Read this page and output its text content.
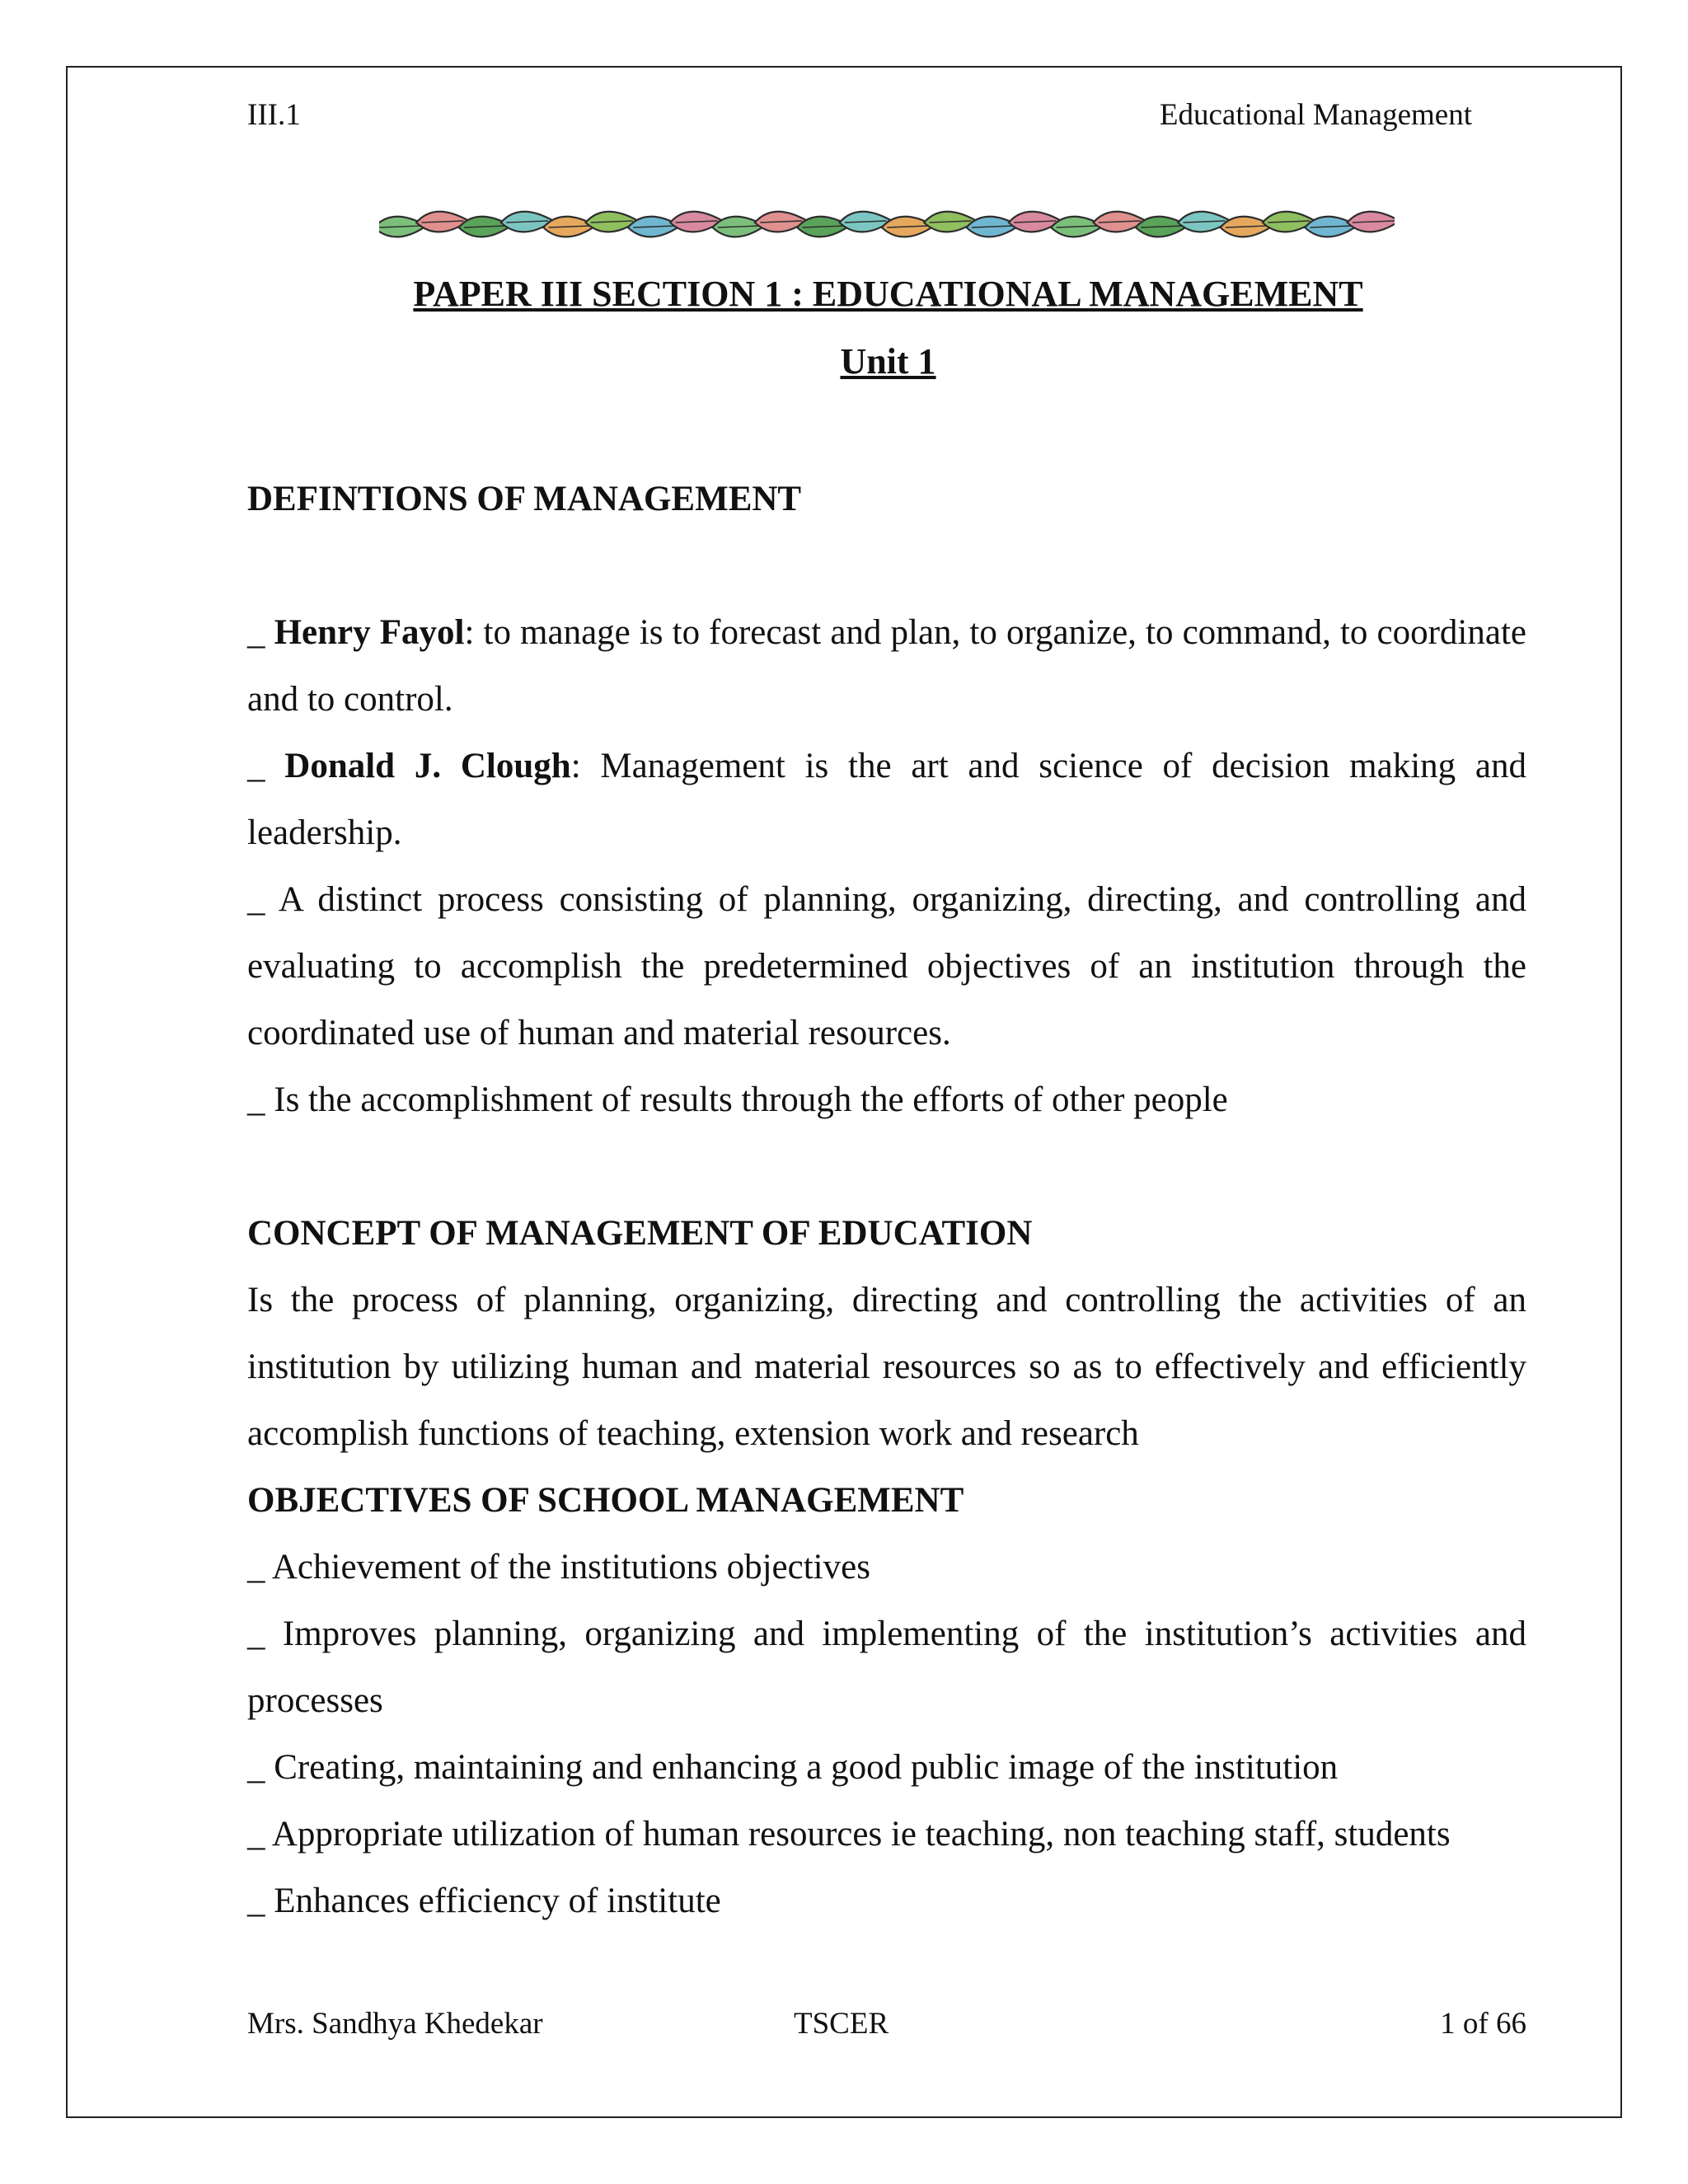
III.1	Educational Management
PAPER III SECTION 1 : EDUCATIONAL MANAGEMENT
Unit 1
DEFINTIONS OF MANAGEMENT
_ Henry Fayol: to manage is to forecast and plan, to organize, to command, to coordinate and to control.
_ Donald J. Clough: Management is the art and science of decision making and leadership.
_ A distinct process consisting of planning, organizing, directing, and controlling and evaluating to accomplish the predetermined objectives of an institution through the coordinated use of human and material resources.
_ Is the accomplishment of results through the efforts of other people
CONCEPT OF MANAGEMENT OF EDUCATION
Is the process of planning, organizing, directing and controlling the activities of an institution by utilizing human and material resources so as to effectively and efficiently accomplish functions of teaching, extension work and research
OBJECTIVES OF SCHOOL MANAGEMENT
_ Achievement of the institutions objectives
_ Improves planning, organizing and implementing of the institution’s activities and processes
_ Creating, maintaining and enhancing a good public image of the institution
_ Appropriate utilization of human resources ie teaching, non teaching staff, students
_ Enhances efficiency of institute
Mrs. Sandhya Khedekar	TSCER	1 of 66
